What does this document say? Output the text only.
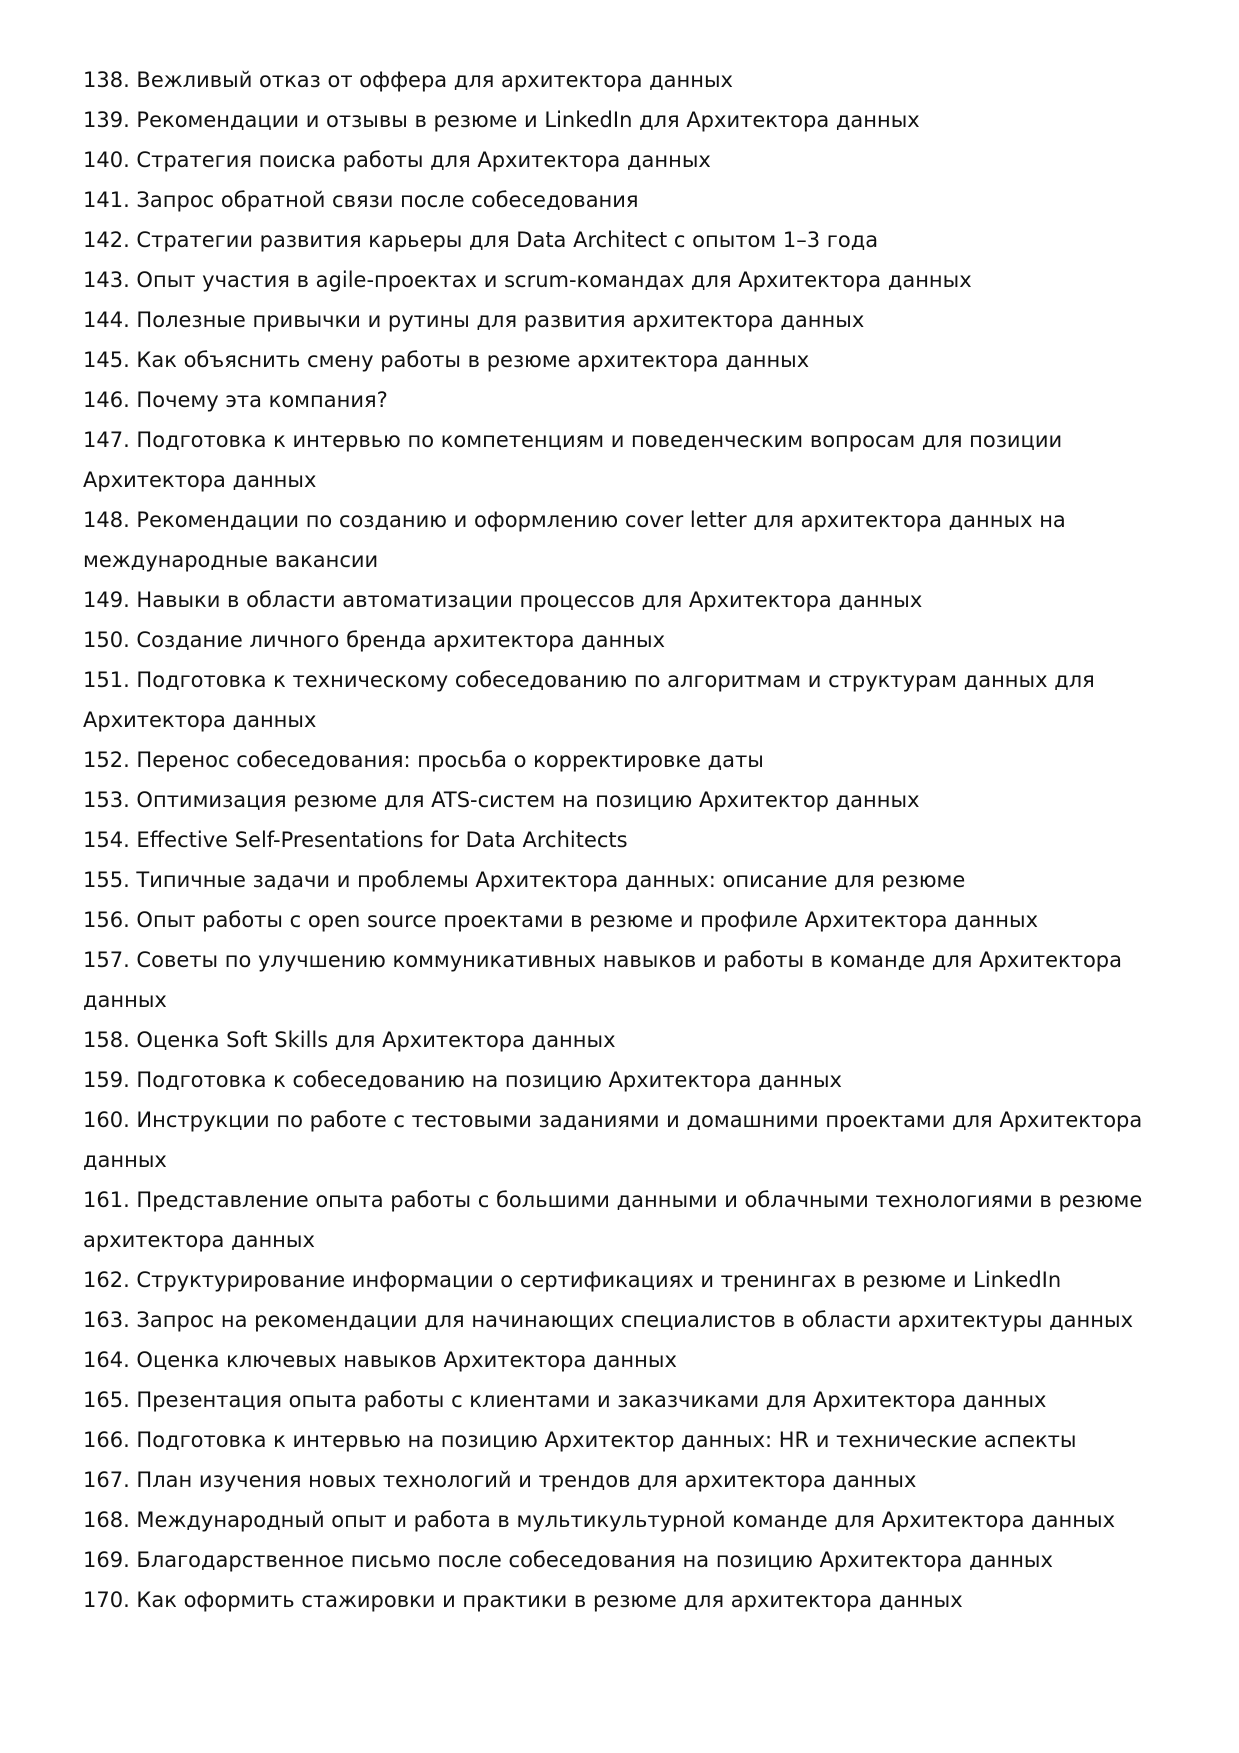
138. Вежливый отказ от оффера для архитектора данных
139. Рекомендации и отзывы в резюме и LinkedIn для Архитектора данных
140. Стратегия поиска работы для Архитектора данных
141. Запрос обратной связи после собеседования
142. Стратегии развития карьеры для Data Architect с опытом 1–3 года
143. Опыт участия в agile-проектах и scrum-командах для Архитектора данных
144. Полезные привычки и рутины для развития архитектора данных
145. Как объяснить смену работы в резюме архитектора данных
146. Почему эта компания?
147. Подготовка к интервью по компетенциям и поведенческим вопросам для позиции Архитектора данных
148. Рекомендации по созданию и оформлению cover letter для архитектора данных на международные вакансии
149. Навыки в области автоматизации процессов для Архитектора данных
150. Создание личного бренда архитектора данных
151. Подготовка к техническому собеседованию по алгоритмам и структурам данных для Архитектора данных
152. Перенос собеседования: просьба о корректировке даты
153. Оптимизация резюме для ATS-систем на позицию Архитектор данных
154. Effective Self-Presentations for Data Architects
155. Типичные задачи и проблемы Архитектора данных: описание для резюме
156. Опыт работы с open source проектами в резюме и профиле Архитектора данных
157. Советы по улучшению коммуникативных навыков и работы в команде для Архитектора данных
158. Оценка Soft Skills для Архитектора данных
159. Подготовка к собеседованию на позицию Архитектора данных
160. Инструкции по работе с тестовыми заданиями и домашними проектами для Архитектора данных
161. Представление опыта работы с большими данными и облачными технологиями в резюме архитектора данных
162. Структурирование информации о сертификациях и тренингах в резюме и LinkedIn
163. Запрос на рекомендации для начинающих специалистов в области архитектуры данных
164. Оценка ключевых навыков Архитектора данных
165. Презентация опыта работы с клиентами и заказчиками для Архитектора данных
166. Подготовка к интервью на позицию Архитектор данных: HR и технические аспекты
167. План изучения новых технологий и трендов для архитектора данных
168. Международный опыт и работа в мультикультурной команде для Архитектора данных
169. Благодарственное письмо после собеседования на позицию Архитектора данных
170. Как оформить стажировки и практики в резюме для архитектора данных
